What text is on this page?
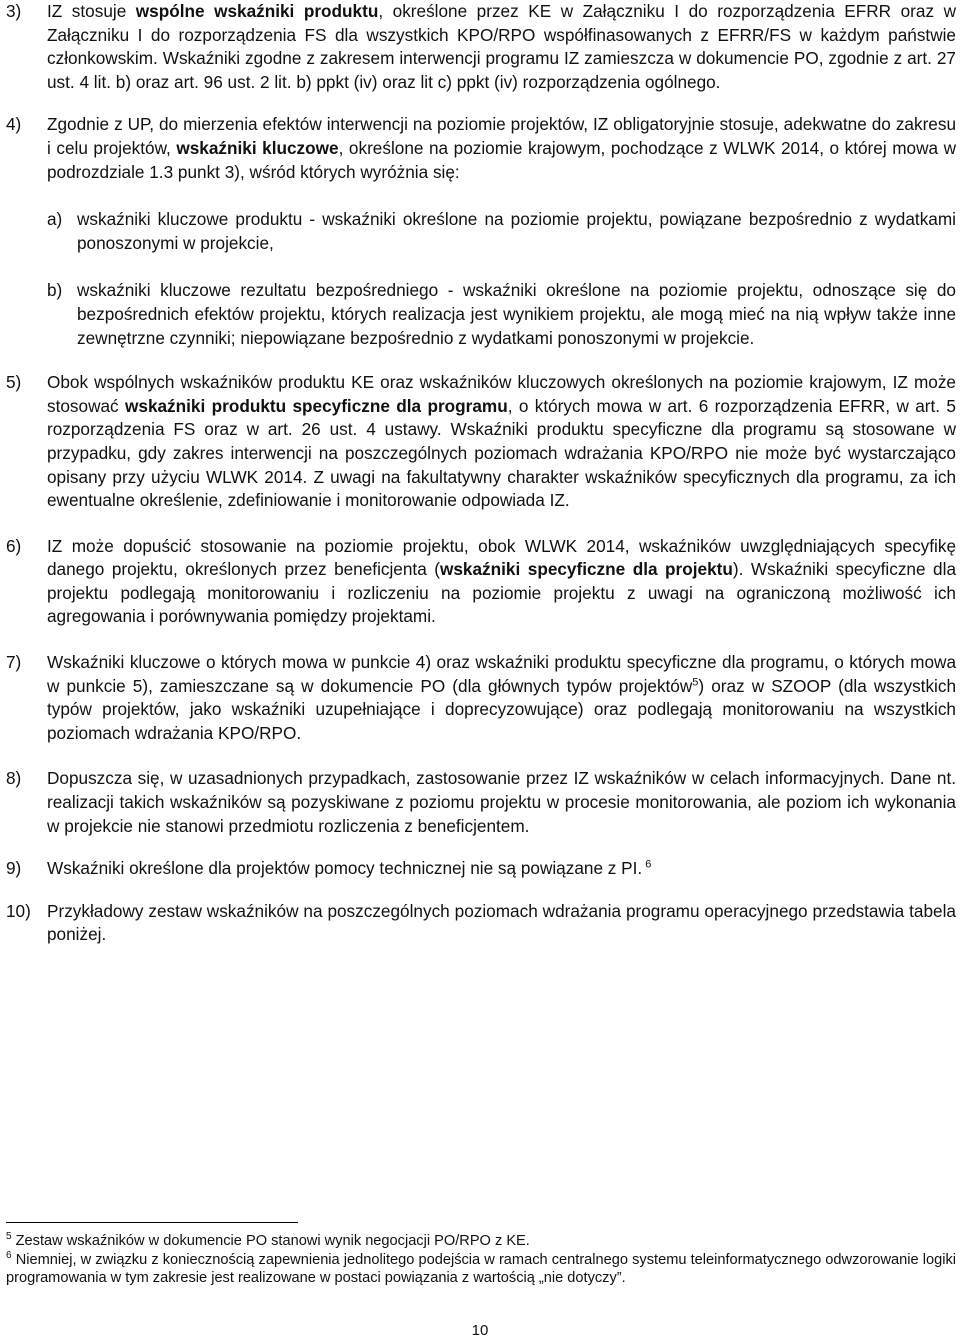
3) IZ stosuje wspólne wskaźniki produktu, określone przez KE w Załączniku I do rozporządzenia EFRR oraz w Załączniku I do rozporządzenia FS dla wszystkich KPO/RPO współfinasowanych z EFRR/FS w każdym państwie członkowskim. Wskaźniki zgodne z zakresem interwencji programu IZ zamieszcza w dokumencie PO, zgodnie z art. 27 ust. 4 lit. b) oraz art. 96 ust. 2 lit. b) ppkt (iv) oraz lit c) ppkt (iv) rozporządzenia ogólnego.
4) Zgodnie z UP, do mierzenia efektów interwencji na poziomie projektów, IZ obligatoryjnie stosuje, adekwatne do zakresu i celu projektów, wskaźniki kluczowe, określone na poziomie krajowym, pochodzące z WLWK 2014, o której mowa w podrozdziale 1.3 punkt 3), wśród których wyróżnia się:
a) wskaźniki kluczowe produktu - wskaźniki określone na poziomie projektu, powiązane bezpośrednio z wydatkami ponoszonymi w projekcie,
b) wskaźniki kluczowe rezultatu bezpośredniego - wskaźniki określone na poziomie projektu, odnoszące się do bezpośrednich efektów projektu, których realizacja jest wynikiem projektu, ale mogą mieć na nią wpływ także inne zewnętrzne czynniki; niepowiązane bezpośrednio z wydatkami ponoszonymi w projekcie.
5) Obok wspólnych wskaźników produktu KE oraz wskaźników kluczowych określonych na poziomie krajowym, IZ może stosować wskaźniki produktu specyficzne dla programu, o których mowa w art. 6 rozporządzenia EFRR, w art. 5 rozporządzenia FS oraz w art. 26 ust. 4 ustawy. Wskaźniki produktu specyficzne dla programu są stosowane w przypadku, gdy zakres interwencji na poszczególnych poziomach wdrażania KPO/RPO nie może być wystarczająco opisany przy użyciu WLWK 2014. Z uwagi na fakultatywny charakter wskaźników specyficznych dla programu, za ich ewentualne określenie, zdefiniowanie i monitorowanie odpowiada IZ.
6) IZ może dopuścić stosowanie na poziomie projektu, obok WLWK 2014, wskaźników uwzględniających specyfikę danego projektu, określonych przez beneficjenta (wskaźniki specyficzne dla projektu). Wskaźniki specyficzne dla projektu podlegają monitorowaniu i rozliczeniu na poziomie projektu z uwagi na ograniczoną możliwość ich agregowania i porównywania pomiędzy projektami.
7) Wskaźniki kluczowe o których mowa w punkcie 4) oraz wskaźniki produktu specyficzne dla programu, o których mowa w punkcie 5), zamieszczane są w dokumencie PO (dla głównych typów projektów$^5$) oraz w SZOOP (dla wszystkich typów projektów, jako wskaźniki uzupełniające i doprecyzowujące) oraz podlegają monitorowaniu na wszystkich poziomach wdrażania KPO/RPO.
8) Dopuszcza się, w uzasadnionych przypadkach, zastosowanie przez IZ wskaźników w celach informacyjnych. Dane nt. realizacji takich wskaźników są pozyskiwane z poziomu projektu w procesie monitorowania, ale poziom ich wykonania w projekcie nie stanowi przedmiotu rozliczenia z beneficjentem.
9) Wskaźniki określone dla projektów pomocy technicznej nie są powiązane z PI. $^6$
10) Przykładowy zestaw wskaźników na poszczególnych poziomach wdrażania programu operacyjnego przedstawia tabela poniżej.
$^5$ Zestaw wskaźników w dokumencie PO stanowi wynik negocjacji PO/RPO z KE.
$^6$ Niemniej, w związku z koniecznością zapewnienia jednolitego podejścia w ramach centralnego systemu teleinformatycznego odwzorowanie logiki programowania w tym zakresie jest realizowane w postaci powiązania z wartością „nie dotyczy”.
10
